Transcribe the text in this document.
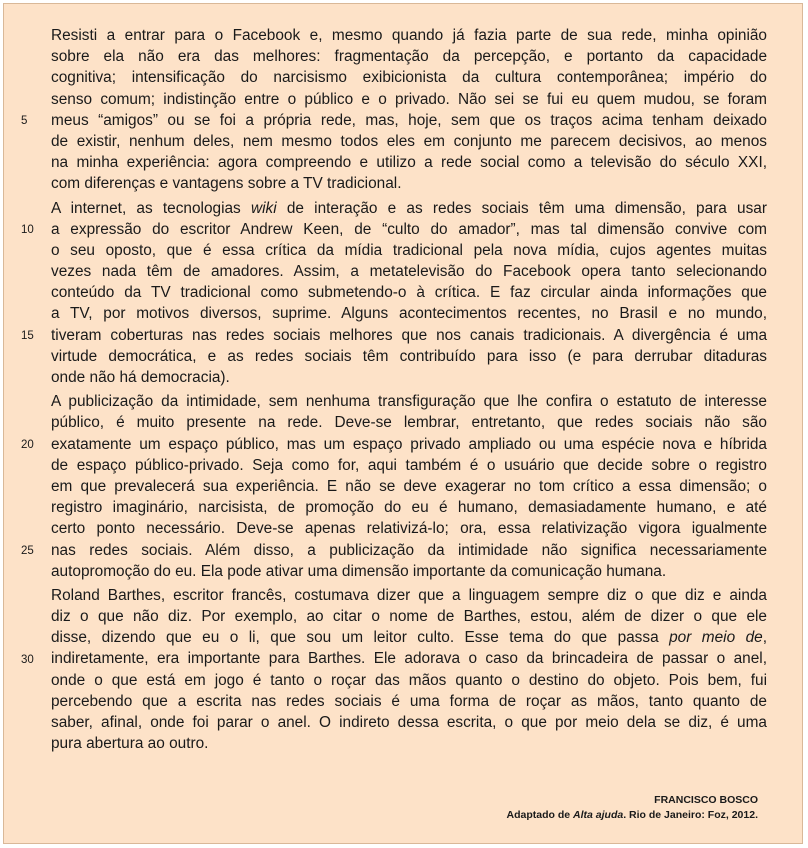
Resisti a entrar para o Facebook e, mesmo quando já fazia parte de sua rede, minha opinião
sobre ela não era das melhores: fragmentação da percepção, e portanto da capacidade
cognitiva; intensificação do narcisismo exibicionista da cultura contemporânea; império do
senso comum; indistinção entre o público e o privado. Não sei se fui eu quem mudou, se foram
meus “amigos” ou se foi a própria rede, mas, hoje, sem que os traços acima tenham deixado
de existir, nenhum deles, nem mesmo todos eles em conjunto me parecem decisivos, ao menos
na minha experiência: agora compreendo e utilizo a rede social como a televisão do século XXI,
com diferenças e vantagens sobre a TV tradicional.
A internet, as tecnologias wiki de interação e as redes sociais têm uma dimensão, para usar
a expressão do escritor Andrew Keen, de “culto do amador”, mas tal dimensão convive com
o seu oposto, que é essa crítica da mídia tradicional pela nova mídia, cujos agentes muitas
vezes nada têm de amadores. Assim, a metatelevisão do Facebook opera tanto selecionando
conteúdo da TV tradicional como submetendo-o à crítica. E faz circular ainda informações que
a TV, por motivos diversos, suprime. Alguns acontecimentos recentes, no Brasil e no mundo,
tiveram coberturas nas redes sociais melhores que nos canais tradicionais. A divergência é uma
virtude democrática, e as redes sociais têm contribuído para isso (e para derrubar ditaduras
onde não há democracia).
A publicização da intimidade, sem nenhuma transfiguração que lhe confira o estatuto de interesse
público, é muito presente na rede. Deve-se lembrar, entretanto, que redes sociais não são
exatamente um espaço público, mas um espaço privado ampliado ou uma espécie nova e híbrida
de espaço público-privado. Seja como for, aqui também é o usuário que decide sobre o registro
em que prevalecerá sua experiência. E não se deve exagerar no tom crítico a essa dimensão; o
registro imaginário, narcisista, de promoção do eu é humano, demasiadamente humano, e até
certo ponto necessário. Deve-se apenas relativizá-lo; ora, essa relativização vigora igualmente
nas redes sociais. Além disso, a publicização da intimidade não significa necessariamente
autopromoção do eu. Ela pode ativar uma dimensão importante da comunicação humana.
Roland Barthes, escritor francês, costumava dizer que a linguagem sempre diz o que diz e ainda
diz o que não diz. Por exemplo, ao citar o nome de Barthes, estou, além de dizer o que ele
disse, dizendo que eu o li, que sou um leitor culto. Esse tema do que passa por meio de,
indiretamente, era importante para Barthes. Ele adorava o caso da brincadeira de passar o anel,
onde o que está em jogo é tanto o roçar das mãos quanto o destino do objeto. Pois bem, fui
percebendo que a escrita nas redes sociais é uma forma de roçar as mãos, tanto quanto de
saber, afinal, onde foi parar o anel. O indireto dessa escrita, o que por meio dela se diz, é uma
pura abertura ao outro.
5
10
15
20
25
30
FRANCISCO BOSCO
Adaptado de Alta ajuda. Rio de Janeiro: Foz, 2012.
